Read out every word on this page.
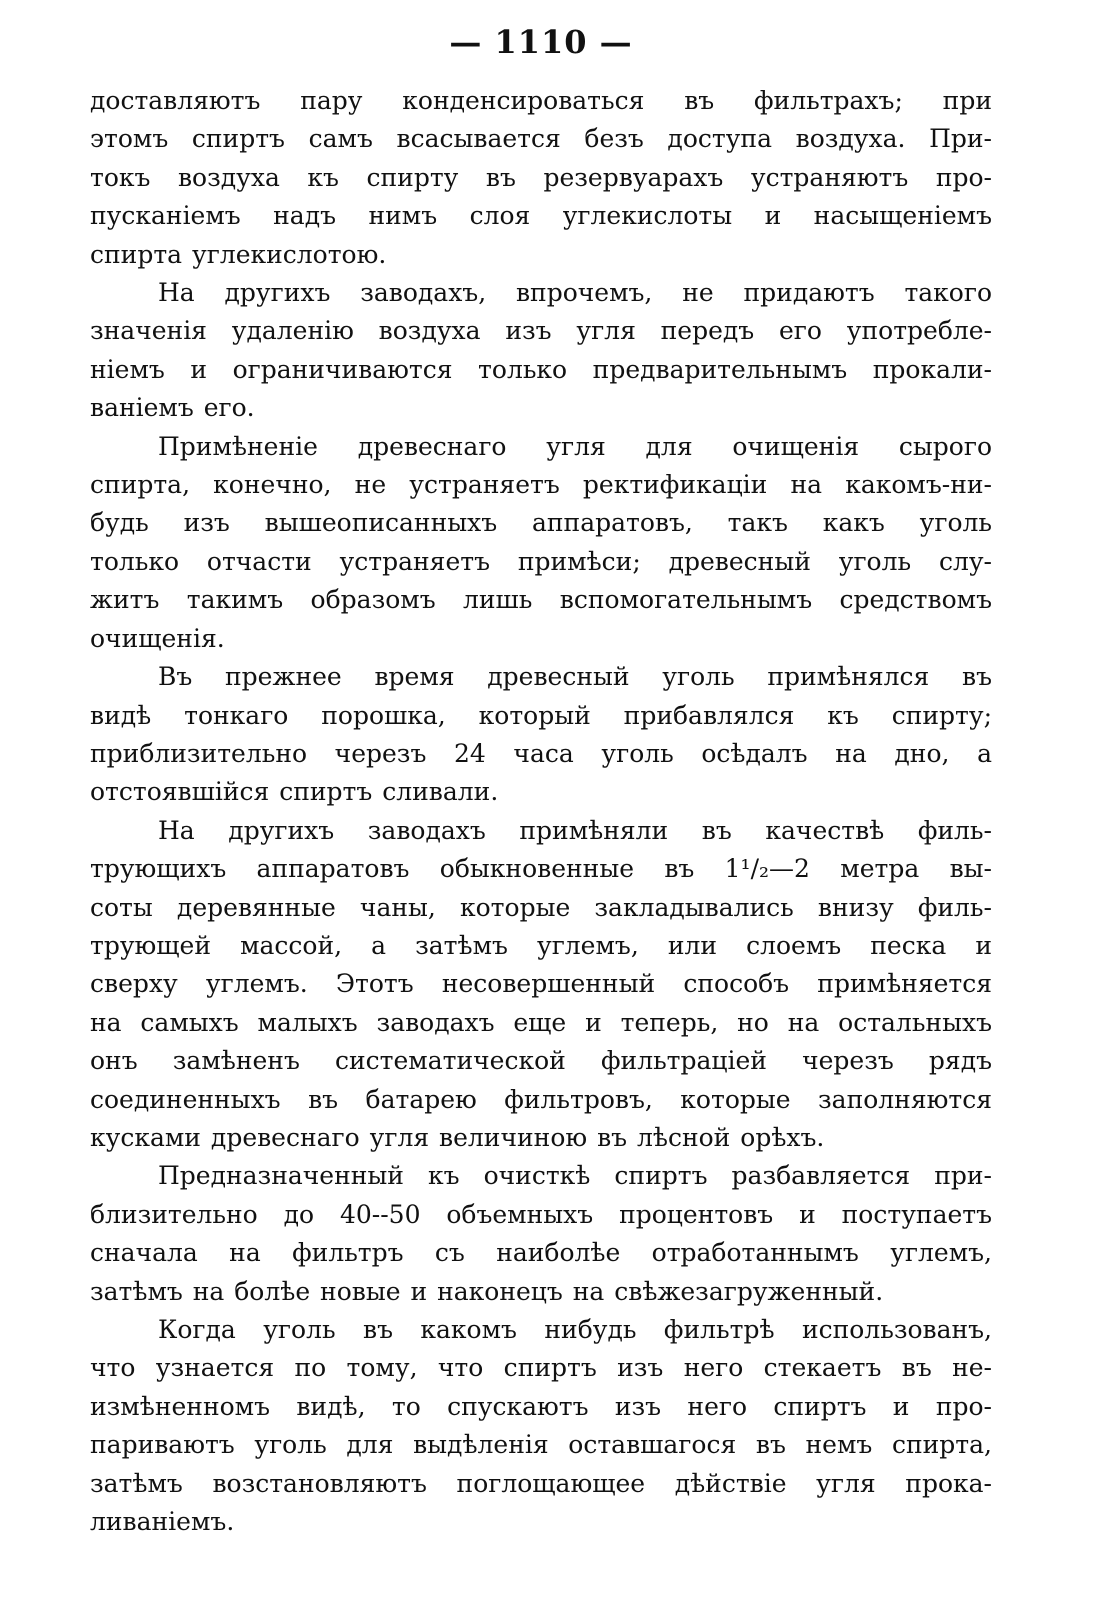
— 1110 —
доставляютъ пару конденсироваться въ фильтрахъ; при
этомъ спиртъ самъ всасывается безъ доступа воздуха. При-
токъ воздуха къ спирту въ резервуарахъ устраняютъ про-
пусканіемъ надъ нимъ слоя углекислоты и насыщеніемъ
спирта углекислотою.
На другихъ заводахъ, впрочемъ, не придаютъ такого
значенія удаленію воздуха изъ угля передъ его употребле-
ніемъ и ограничиваются только предварительнымъ прокали-
ваніемъ его.
Примѣненіе древеснаго угля для очищенія сырого
спирта, конечно, не устраняетъ ректификаціи на какомъ-ни-
будь изъ вышеописанныхъ аппаратовъ, такъ какъ уголь
только отчасти устраняетъ примѣси; древесный уголь слу-
житъ такимъ образомъ лишь вспомогательнымъ средствомъ
очищенія.
Въ прежнее время древесный уголь примѣнялся въ
видѣ тонкаго порошка, который прибавлялся къ спирту;
приблизительно черезъ 24 часа уголь осѣдалъ на дно, а
отстоявшійся спиртъ сливали.
На другихъ заводахъ примѣняли въ качествѣ филь-
трующихъ аппаратовъ обыкновенные въ 1¹/₂—2 метра вы-
соты деревянные чаны, которые закладывались внизу филь-
трующей массой, а затѣмъ углемъ, или слоемъ песка и
сверху углемъ. Этотъ несовершенный способъ примѣняется
на самыхъ малыхъ заводахъ еще и теперь, но на остальныхъ
онъ замѣненъ систематической фильтраціей черезъ рядъ
соединенныхъ въ батарею фильтровъ, которые заполняются
кусками древеснаго угля величиною въ лѣсной орѣхъ.
Предназначенный къ очисткѣ спиртъ разбавляется при-
близительно до 40--50 объемныхъ процентовъ и поступаетъ
сначала на фильтръ съ наиболѣе отработаннымъ углемъ,
затѣмъ на болѣе новые и наконецъ на свѣжезагруженный.
Когда уголь въ какомъ нибудь фильтрѣ использованъ,
что узнается по тому, что спиртъ изъ него стекаетъ въ не-
измѣненномъ видѣ, то спускаютъ изъ него спиртъ и про-
париваютъ уголь для выдѣленія оставшагося въ немъ спирта,
затѣмъ возстановляютъ поглощающее дѣйствіе угля прока-
ливаніемъ.
